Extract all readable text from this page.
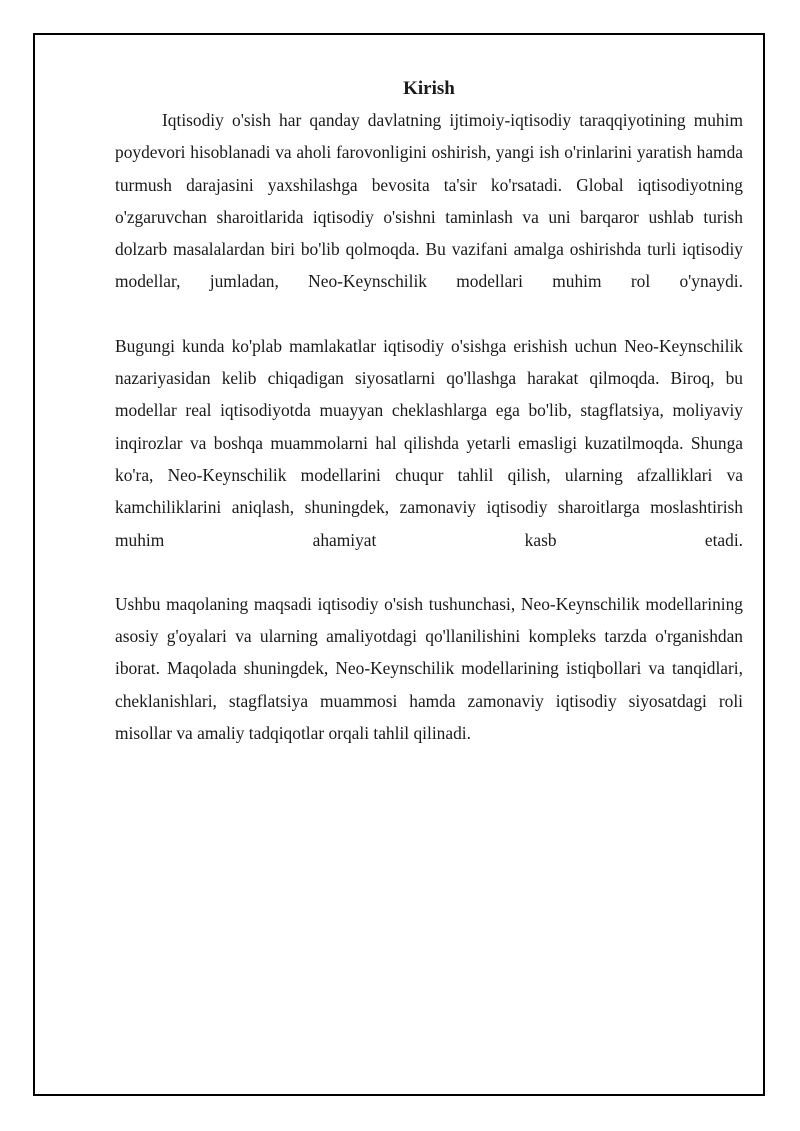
Kirish

Iqtisodiy o'sish har qanday davlatning ijtimoiy-iqtisodiy taraqqiyotining muhim poydevori hisoblanadi va aholi farovonligini oshirish, yangi ish o'rinlarini yaratish hamda turmush darajasini yaxshilashga bevosita ta'sir ko'rsatadi. Global iqtisodiyotning o'zgaruvchan sharoitlarida iqtisodiy o'sishni taminlash va uni barqaror ushlab turish dolzarb masalalardan biri bo'lib qolmoqda. Bu vazifani amalga oshirishda turli iqtisodiy modellar, jumladan, Neo-Keynschilik modellari muhim rol o'ynaydi.

Bugungi kunda ko'plab mamlakatlar iqtisodiy o'sishga erishish uchun Neo-Keynschilik nazariyasidan kelib chiqadigan siyosatlarni qo'llashga harakat qilmoqda. Biroq, bu modellar real iqtisodiyotda muayyan cheklashlarga ega bo'lib, stagflatsiya, moliyaviy inqirozlar va boshqa muammolarni hal qilishda yetarli emasligi kuzatilmoqda. Shunga ko'ra, Neo-Keynschilik modellarini chuqur tahlil qilish, ularning afzalliklari va kamchiliklarini aniqlash, shuningdek, zamonaviy iqtisodiy sharoitlarga moslashtirish muhim ahamiyat kasb etadi.

Ushbu maqolaning maqsadi iqtisodiy o'sish tushunchasi, Neo-Keynschilik modellarining asosiy g'oyalari va ularning amaliyotdagi qo'llanilishini kompleks tarzda o'rganishdan iborat. Maqolada shuningdek, Neo-Keynschilik modellarining istiqbollari va tanqidlari, cheklanishlari, stagflatsiya muammosi hamda zamonaviy iqtisodiy siyosatdagi roli misollar va amaliy tadqiqotlar orqali tahlil qilinadi.
